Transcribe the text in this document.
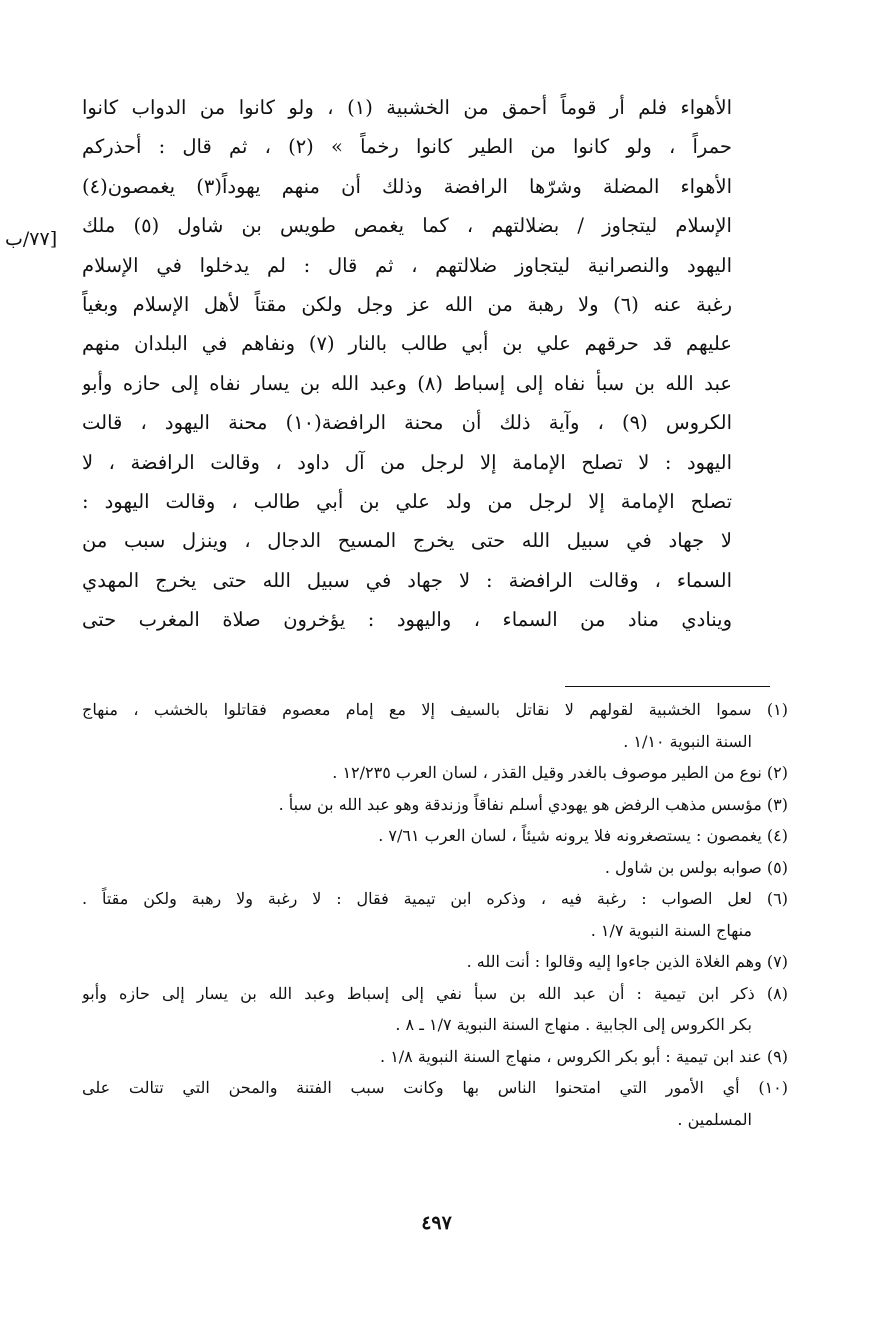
الأهواء فلم أر قوماً أحمق من الخشبية (١) ، ولو كانوا من الدواب كانوا
حمراً ، ولو كانوا من الطير كانوا رخماً » (٢) ، ثم قال : أحذركم
الأهواء المضلة وشرّها الرافضة وذلك أن منهم يهوداً(٣) يغمصون(٤)
الإسلام ليتجاوز / بضلالتهم ، كما يغمص طويس بن شاول (٥) ملك
اليهود والنصرانية ليتجاوز ضلالتهم ، ثم قال : لم يدخلوا في الإسلام
رغبة عنه (٦) ولا رهبة من الله عز وجل ولكن مقتاً لأهل الإسلام وبغياً
عليهم قد حرقهم علي بن أبي طالب بالنار (٧) ونفاهم في البلدان منهم
عبد الله بن سبأ نفاه إلى إسباط (٨) وعبد الله بن يسار نفاه إلى حازه وأبو
الكروس (٩) ، وآية ذلك أن محنة الرافضة(١٠) محنة اليهود ، قالت
اليهود : لا تصلح الإمامة إلا لرجل من آل داود ، وقالت الرافضة ، لا
تصلح الإمامة إلا لرجل من ولد علي بن أبي طالب ، وقالت اليهود :
لا جهاد في سبيل الله حتى يخرج المسيح الدجال ، وينزل سبب من
السماء ، وقالت الرافضة : لا جهاد في سبيل الله حتى يخرج المهدي
وينادي مناد من السماء ، واليهود : يؤخرون صلاة المغرب حتى
[٧٧/ب
(١) سموا الخشبية لقولهم لا نقاتل بالسيف إلا مع إمام معصوم فقاتلوا بالخشب ، منهاج
السنة النبوية ١/١٠ .
(٢) نوع من الطير موصوف بالغدر وقيل القذر ، لسان العرب ١٢/٢٣٥ .
(٣) مؤسس مذهب الرفض هو يهودي أسلم نفاقاً وزندقة وهو عبد الله بن سبأ .
(٤) يغمصون : يستصغرونه فلا يرونه شيئاً ، لسان العرب ٧/٦١ .
(٥) صوابه بولس بن شاول .
(٦) لعل الصواب : رغبة فيه ، وذكره ابن تيمية فقال : لا رغبة ولا رهبة ولكن مقتاً .
منهاج السنة النبوية ١/٧ .
(٧) وهم الغلاة الذين جاءوا إليه وقالوا : أنت الله .
(٨) ذكر ابن تيمية : أن عبد الله بن سبأ نفي إلى إسباط وعبد الله بن يسار إلى حازه وأبو
بكر الكروس إلى الجابية . منهاج السنة النبوية ١/٧ ـ ٨ .
(٩) عند ابن تيمية : أبو بكر الكروس ، منهاج السنة النبوية ١/٨ .
(١٠) أي الأمور التي امتحنوا الناس بها وكانت سبب الفتنة والمحن التي تتالت على
المسلمين .
٤٩٧
